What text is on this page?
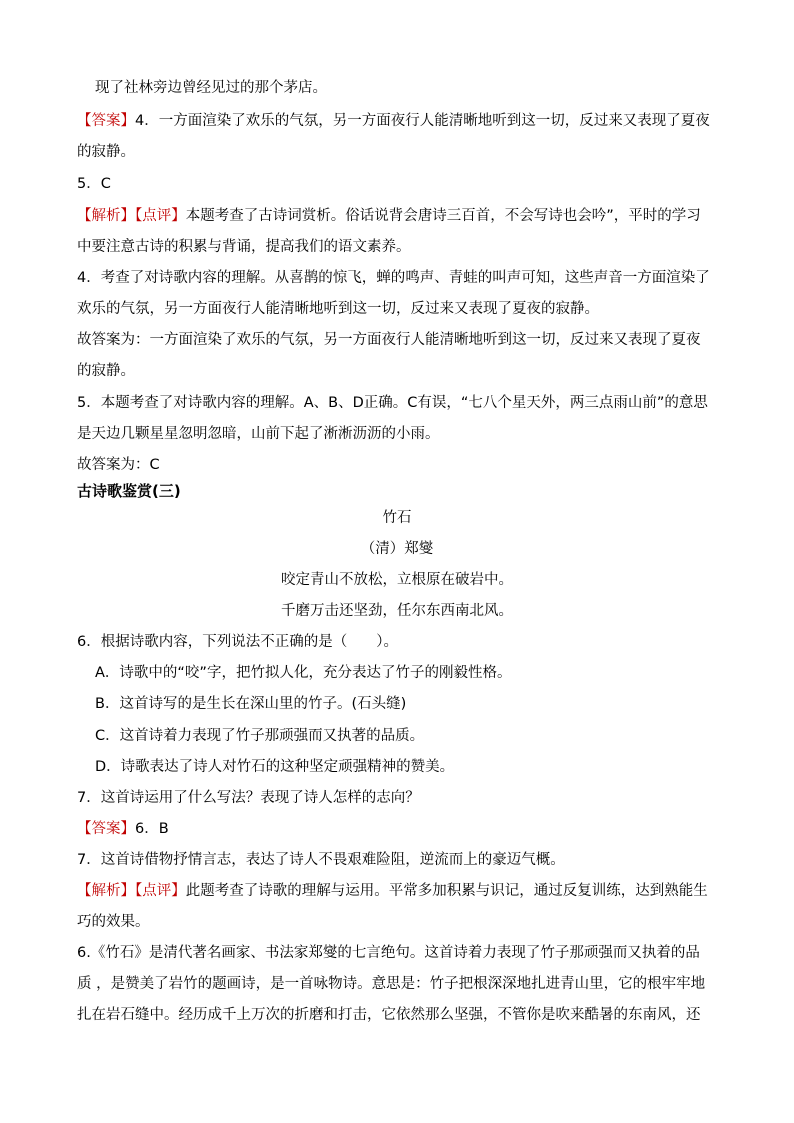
现了社林旁边曾经见过的那个茅店。
【答案】4．一方面渲染了欢乐的气氛，另一方面夜行人能清晰地听到这一切，反过来又表现了夏夜
的寂静。
5．C
【解析】【点评】本题考查了古诗词赏析。俗话说背会唐诗三百首，不会写诗也会吟”，平时的学习
中要注意古诗的积累与背诵，提高我们的语文素养。
4．考查了对诗歌内容的理解。从喜鹊的惊飞，蝉的鸣声、青蛙的叫声可知，这些声音一方面渲染了
欢乐的气氛，另一方面夜行人能清晰地听到这一切，反过来又表现了夏夜的寂静。
故答案为：一方面渲染了欢乐的气氛，另一方面夜行人能清晰地听到这一切，反过来又表现了夏夜
的寂静。
5．本题考查了对诗歌内容的理解。A、B、D正确。C有误，“七八个星天外，两三点雨山前”的意思
是天边几颗星星忽明忽暗，山前下起了淅淅沥沥的小雨。
故答案为：C
古诗歌鉴赏(三)
竹石
（清）郑燮
咬定青山不放松，立根原在破岩中。
千磨万击还坚劲，任尔东西南北风。
6．根据诗歌内容，下列说法不正确的是（　　）。
A．诗歌中的“咬”字，把竹拟人化，充分表达了竹子的刚毅性格。
B．这首诗写的是生长在深山里的竹子。(石头缝)
C．这首诗着力表现了竹子那顽强而又执著的品质。
D．诗歌表达了诗人对竹石的这种坚定顽强精神的赞美。
7．这首诗运用了什么写法？表现了诗人怎样的志向？
【答案】6．B
7．这首诗借物抒情言志，表达了诗人不畏艰难险阻，逆流而上的豪迈气概。
【解析】【点评】此题考查了诗歌的理解与运用。平常多加积累与识记，通过反复训练，达到熟能生
巧的效果。
6.《竹石》是清代著名画家、书法家郑燮的七言绝句。这首诗着力表现了竹子那顽强而又执着的品
质 ，是赞美了岩竹的题画诗，是一首咏物诗。意思是：竹子把根深深地扎进青山里，它的根牢牢地
扎在岩石缝中。经历成千上万次的折磨和打击，它依然那么坚强，不管你是吹来酷暑的东南风，还
